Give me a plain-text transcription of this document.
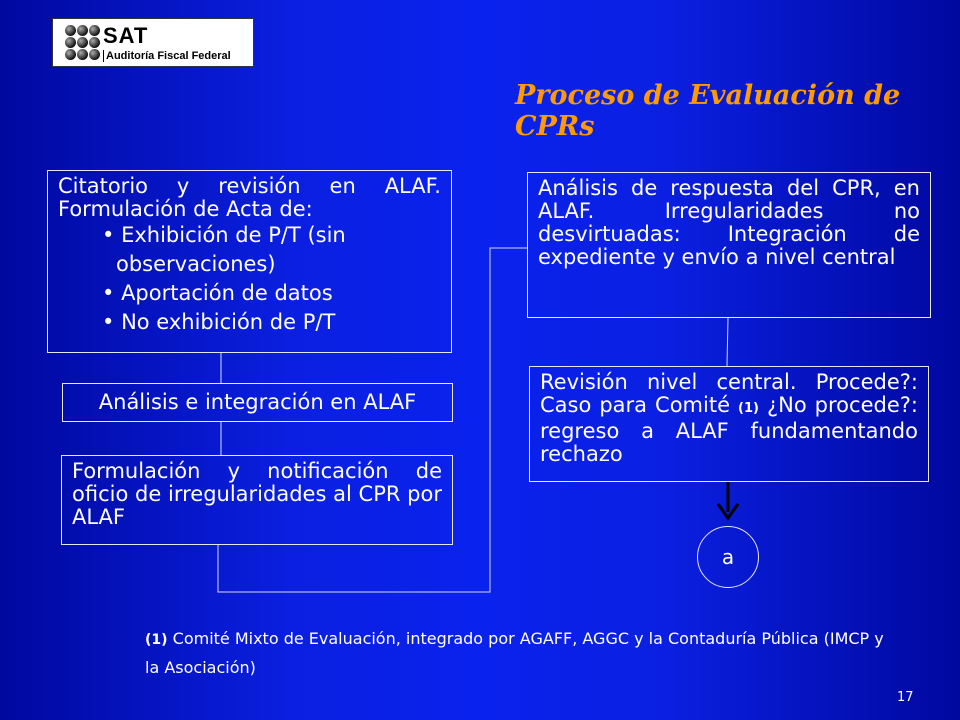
SAT
Auditoría Fiscal Federal
Proceso de Evaluación de CPRs
Citatorio y revisión en ALAF. Formulación de Acta de:
• Exhibición de P/T (sin observaciones)
• Aportación de datos
• No exhibición de P/T
Análisis e integración en ALAF
Formulación y notificación de oficio de irregularidades al CPR por ALAF
Análisis de respuesta del CPR, en ALAF. Irregularidades no desvirtuadas: Integración de expediente y envío a nivel central
Revisión nivel central. Procede?: Caso para Comité (1) ¿No procede?: regreso a ALAF fundamentando rechazo
a
(1) Comité Mixto de Evaluación, integrado por AGAFF, AGGC y la Contaduría Pública (IMCP y la Asociación)
17
